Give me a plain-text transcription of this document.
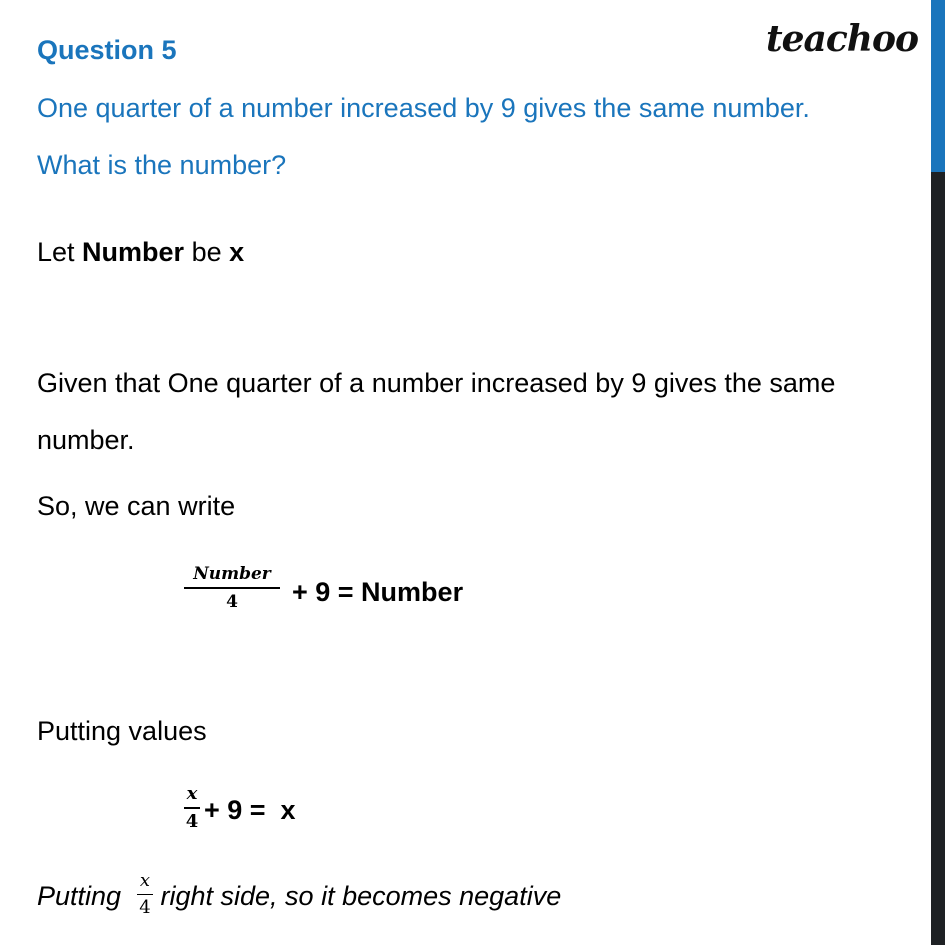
teachoo
Question 5
One quarter of a number increased by 9 gives the same number.
What is the number?
Let Number be x
Given that One quarter of a number increased by 9 gives the same
number.
So, we can write
Number
4	+ 9 = Number
Putting values
x
4 + 9 =  x
Putting
x
4 right side, so it becomes negative
